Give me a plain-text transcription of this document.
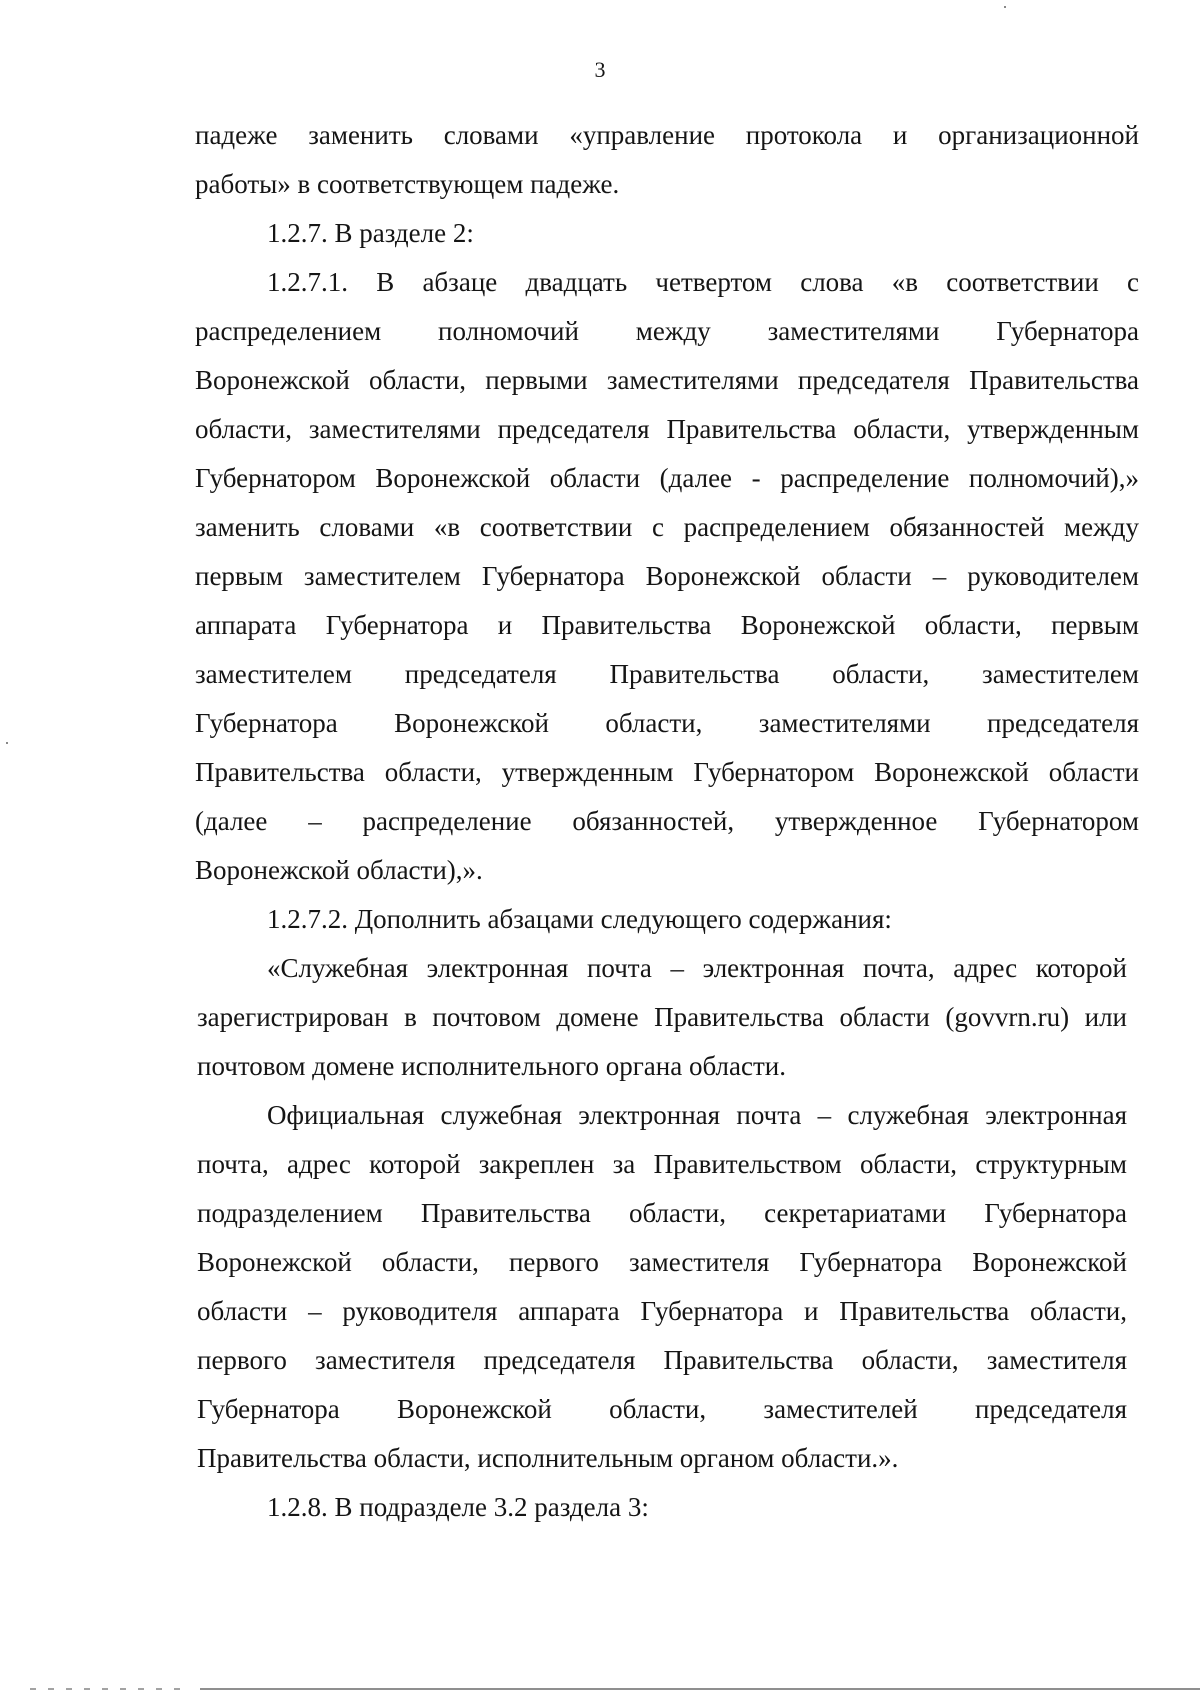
3
падеже заменить словами «управление протокола и организационной
работы» в соответствующем падеже.
1.2.7. В разделе 2:
1.2.7.1. В абзаце двадцать четвертом слова «в соответствии с
распределением полномочий между заместителями Губернатора
Воронежской области, первыми заместителями председателя Правительства
области, заместителями председателя Правительства области, утвержденным
Губернатором Воронежской области (далее - распределение полномочий),»
заменить словами «в соответствии с распределением обязанностей между
первым заместителем Губернатора Воронежской области – руководителем
аппарата Губернатора и Правительства Воронежской области, первым
заместителем председателя Правительства области, заместителем
Губернатора Воронежской области, заместителями председателя
Правительства области, утвержденным Губернатором Воронежской области
(далее – распределение обязанностей, утвержденное Губернатором
Воронежской области),».
1.2.7.2. Дополнить абзацами следующего содержания:
«Служебная электронная почта – электронная почта, адрес которой
зарегистрирован в почтовом домене Правительства области (govvrn.ru) или
почтовом домене исполнительного органа области.
Официальная служебная электронная почта – служебная электронная
почта, адрес которой закреплен за Правительством области, структурным
подразделением Правительства области, секретариатами Губернатора
Воронежской области, первого заместителя Губернатора Воронежской
области – руководителя аппарата Губернатора и Правительства области,
первого заместителя председателя Правительства области, заместителя
Губернатора Воронежской области, заместителей председателя
Правительства области, исполнительным органом области.».
1.2.8. В подразделе 3.2 раздела 3:
